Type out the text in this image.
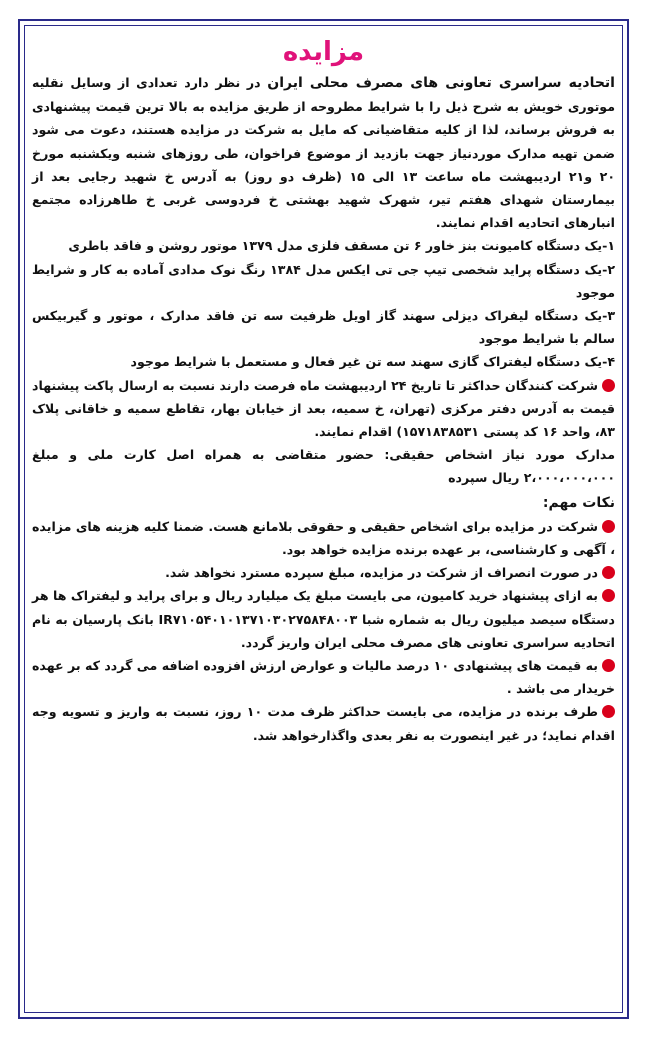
مزایده

اتحادیه سراسری تعاونی های مصرف محلی ایران در نظر دارد تعدادی از وسایل نقلیه موتوری خویش به شرح ذیل را با شرایط مطروحه از طریق مزایده به بالا ترین قیمت پیشنهادی به فروش برساند، لذا از کلیه متقاضیانی که مایل به شرکت در مزایده هستند، دعوت می شود ضمن تهیه مدارک موردنیاز جهت بازدید از موضوع فراخوان، طی روزهای شنبه ویکشنبه مورخ ۲۰ و۲۱ اردیبهشت ماه ساعت ۱۳ الی ۱۵ (ظرف دو روز) به آدرس خ شهید رجایی بعد از بیمارستان شهدای هفتم تیر، شهرک شهید بهشتی خ فردوسی غربی خ طاهرزاده مجتمع انبارهای اتحادیه اقدام نمایند.

۱-یک دستگاه کامیونت بنز خاور ۶ تن مسقف فلزی مدل ۱۳۷۹ موتور روشن و فاقد باطری

۲-یک دستگاه پراید شخصی تیپ جی تی ایکس مدل ۱۳۸۴ رنگ نوک مدادی آماده به کار و شرایط موجود

۳-یک دستگاه لیفراک دیزلی سهند گاز اویل ظرفیت سه تن فاقد مدارک ، موتور و گیربیکس سالم با شرایط موجود

۴-یک دستگاه لیفتراک گازی سهند سه تن غیر فعال و مستعمل با شرایط موجود

شرکت کنندگان حداکثر تا تاریخ ۲۴ اردیبهشت ماه فرصت دارند نسبت به ارسال پاکت پیشنهاد قیمت به آدرس دفتر مرکزی (تهران، خ سمیه، بعد از خیابان بهار، تقاطع سمیه و خاقانی پلاک ۸۳، واحد ۱۶ کد پستی ۱۵۷۱۸۳۸۵۳۱) اقدام نمایند.

مدارک مورد نیاز اشخاص حقیقی: حضور متقاضی به همراه اصل کارت ملی و مبلغ ۲،۰۰۰،۰۰۰،۰۰۰ ریال سپرده

نکات مهم:

شرکت در مزایده برای اشخاص حقیقی و حقوقی بلامانع هست. ضمنا کلیه هزینه های مزایده ، آگهی و کارشناسی، بر عهده برنده مزایده خواهد بود.

در صورت انصراف از شرکت در مزایده، مبلغ سپرده مسترد نخواهد شد.

به ازای پیشنهاد خرید کامیون، می بایست مبلغ یک میلیارد ریال و برای پراید و لیفتراک ها هر دستگاه سیصد میلیون ریال به شماره شبا IR۷۱۰۵۴۰۱۰۱۳۷۱۰۳۰۲۷۵۸۴۸۰۰۳ بانک پارسیان به نام اتحادیه سراسری تعاونی های مصرف محلی ایران واریز گردد.

به قیمت های پیشنهادی ۱۰ درصد مالیات و عوارض ارزش افزوده اضافه می گردد که بر عهده خریدار می باشد .

طرف برنده در مزایده، می بایست حداکثر ظرف مدت ۱۰ روز، نسبت به واریز و تسویه وجه اقدام نماید؛ در غیر اینصورت به نفر بعدی واگذارخواهد شد.
